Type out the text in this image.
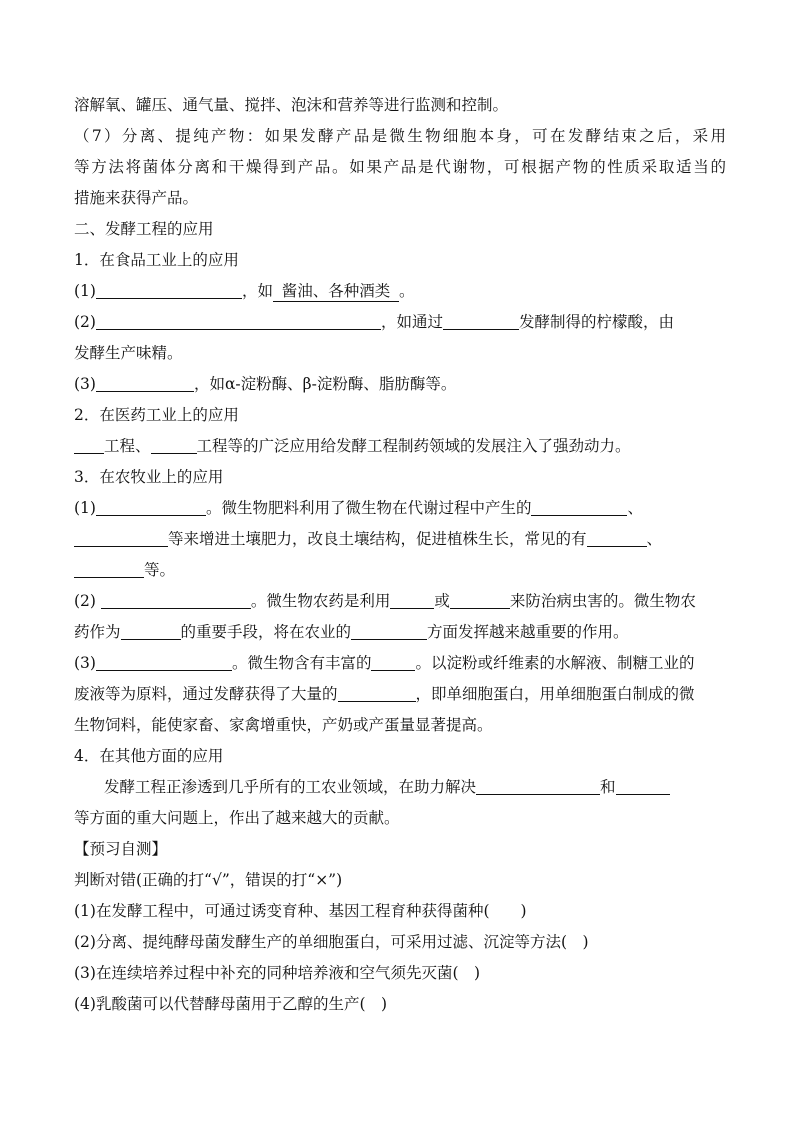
溶解氧、罐压、通气量、搅拌、泡沫和营养等进行监测和控制。
（7）分离、提纯产物：如果发酵产品是微生物细胞本身，可在发酵结束之后，采用
等方法将菌体分离和干燥得到产品。如果产品是代谢物，可根据产物的性质采取适当的
措施来获得产品。
二、发酵工程的应用
1．在食品工业上的应用
(1)	，如 酱油、各种酒类 。
(2)	，如通过	发酵制得的柠檬酸，由
发酵生产味精。
(3)	，如α-淀粉酶、β-淀粉酶、脂肪酶等。
2．在医药工业上的应用
工程、	工程等的广泛应用给发酵工程制药领域的发展注入了强劲动力。
3．在农牧业上的应用
(1)	。微生物肥料利用了微生物在代谢过程中产生的	、
等来增进土壤肥力，改良土壤结构，促进植株生长，常见的有	、
等。
(2)	。微生物农药是利用	或	来防治病虫害的。微生物农
药作为	的重要手段，将在农业的	方面发挥越来越重要的作用。
(3)	。微生物含有丰富的	。以淀粉或纤维素的水解液、制糖工业的
废液等为原料，通过发酵获得了大量的	，即单细胞蛋白，用单细胞蛋白制成的微
生物饲料，能使家畜、家禽增重快，产奶或产蛋量显著提高。
4．在其他方面的应用
发酵工程正渗透到几乎所有的工农业领域，在助力解决	和
等方面的重大问题上，作出了越来越大的贡献。
【预习自测】
判断对错(正确的打“√”，错误的打“×”)
(1)在发酵工程中，可通过诱变育种、基因工程育种获得菌种(　　)
(2)分离、提纯酵母菌发酵生产的单细胞蛋白，可采用过滤、沉淀等方法(　)
(3)在连续培养过程中补充的同种培养液和空气须先灭菌(　)
(4)乳酸菌可以代替酵母菌用于乙醇的生产(　)
